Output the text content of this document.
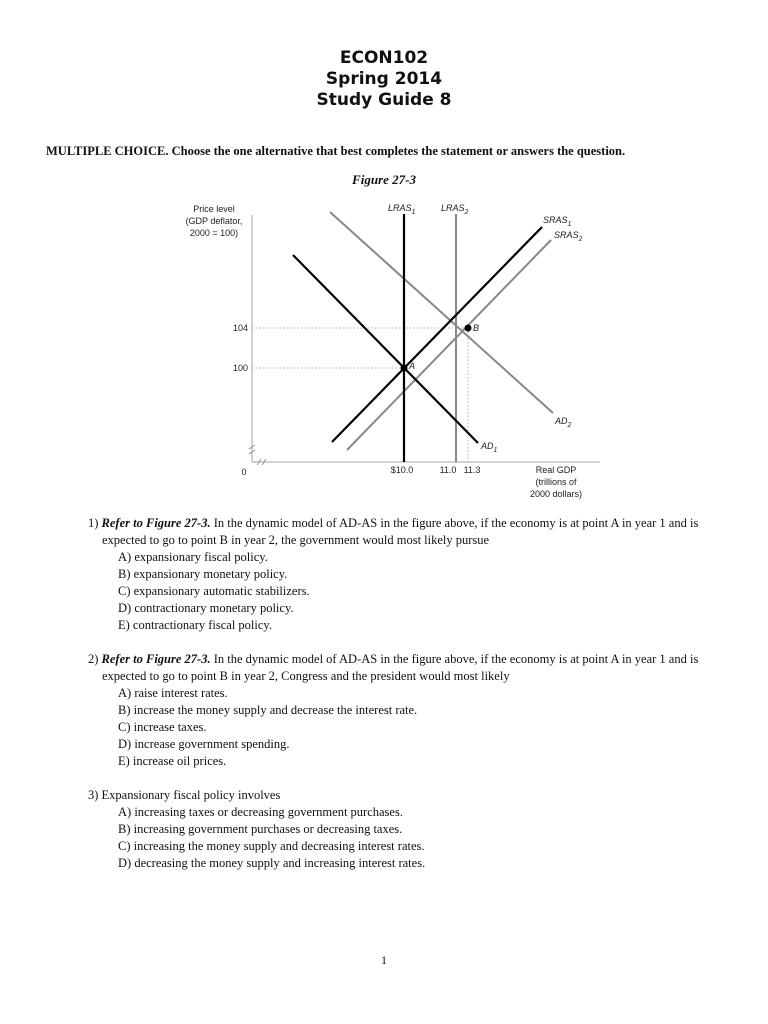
ECON102
Spring 2014
Study Guide 8
MULTIPLE CHOICE. Choose the one alternative that best completes the statement or answers the question.
Figure 27-3
A
B
Price level
(GDP deflator,
2000 = 100)
104
100
0	$10.0	11.0 11.3	Real GDP
(trillions of
2000 dollars)
$LRAS_1$	$LRAS_2$
$SRAS_1$
$SRAS_2$
$AD_2$
$AD_1$
1) Refer to Figure 27-3. In the dynamic model of AD-AS in the figure above, if the economy is at point A in year 1 and is expected to go to point B in year 2, the government would most likely pursue
A) expansionary fiscal policy.
B) expansionary monetary policy.
C) expansionary automatic stabilizers.
D) contractionary monetary policy.
E) contractionary fiscal policy.
2) Refer to Figure 27-3. In the dynamic model of AD-AS in the figure above, if the economy is at point A in year 1 and is expected to go to point B in year 2, Congress and the president would most likely
A) raise interest rates.
B) increase the money supply and decrease the interest rate.
C) increase taxes.
D) increase government spending.
E) increase oil prices.
3) Expansionary fiscal policy involves
A) increasing taxes or decreasing government purchases.
B) increasing government purchases or decreasing taxes.
C) increasing the money supply and decreasing interest rates.
D) decreasing the money supply and increasing interest rates.
1
